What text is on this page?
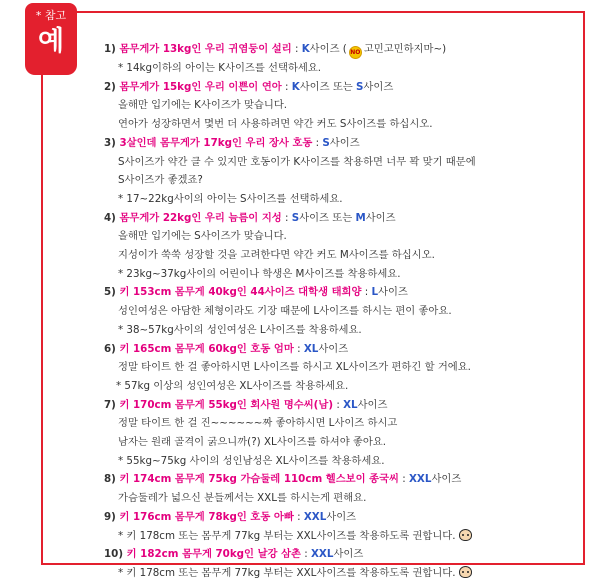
* 참고
예	1) 몸무게가 13kg인 우리 귀염둥이 설리 : K사이즈 ( NO 고민고민하지마~)
* 14kg이하의 아이는 K사이즈를 선택하세요.
2) 몸무게가 15kg인 우리 이쁜이 연아 : K사이즈 또는 S사이즈
올해만 입기에는 K사이즈가 맞습니다.
연아가 성장하면서 몇번 더 사용하려면 약간 커도 S사이즈를 하십시오.
3) 3살인데 몸무게가 17kg인 우리 장사 호동 : S사이즈
S사이즈가 약간 클 수 있지만 호동이가 K사이즈를 착용하면 너무 꽉 맞기 때문에
S사이즈가 좋겠죠?
* 17~22kg사이의 아이는 S사이즈를 선택하세요.
4) 몸무게가 22kg인 우리 늠름이 지성 : S사이즈 또는 M사이즈
올해만 입기에는 S사이즈가 맞습니다.
지성이가 쑥쑥 성장할 것을 고려한다면 약간 커도 M사이즈를 하십시오.
* 23kg~37kg사이의 어린이나 학생은 M사이즈를 착용하세요.
5) 키 153cm 몸무게 40kg인 44사이즈 대학생 태희양 : L사이즈
성인여성은 아담한 체형이라도 기장 때문에 L사이즈를 하시는 편이 좋아요.
* 38~57kg사이의 성인여성은 L사이즈를 착용하세요.
6) 키 165cm 몸무게 60kg인 호동 엄마 : XL사이즈
정말 타이트 한 걸 좋아하시면 L사이즈를 하시고 XL사이즈가 편하긴 할 거에요.
* 57kg 이상의 성인여성은 XL사이즈를 착용하세요.
7) 키 170cm 몸무게 55kg인 회사원 명수씨(남) : XL사이즈
정말 타이트 한 걸 진~~~~~~짜 좋아하시면 L사이즈 하시고
남자는 원래 골격이 굵으니까(?) XL사이즈를 하셔야 좋아요.
* 55kg~75kg 사이의 성인남성은 XL사이즈를 착용하세요.
8) 키 174cm 몸무게 75kg 가슴둘레 110cm 헬스보이 종국씨 : XXL사이즈
가슴둘레가 넓으신 분들께서는 XXL를 하시는게 편해요.
9) 키 176cm 몸무게 78kg인 호동 아빠 : XXL사이즈
* 키 178cm 또는 몸무게 77kg 부터는 XXL사이즈를 착용하도록 권합니다.
10) 키 182cm 몸무게 70kg인 날강 삼촌 : XXL사이즈
* 키 178cm 또는 몸무게 77kg 부터는 XXL사이즈를 착용하도록 권합니다.
